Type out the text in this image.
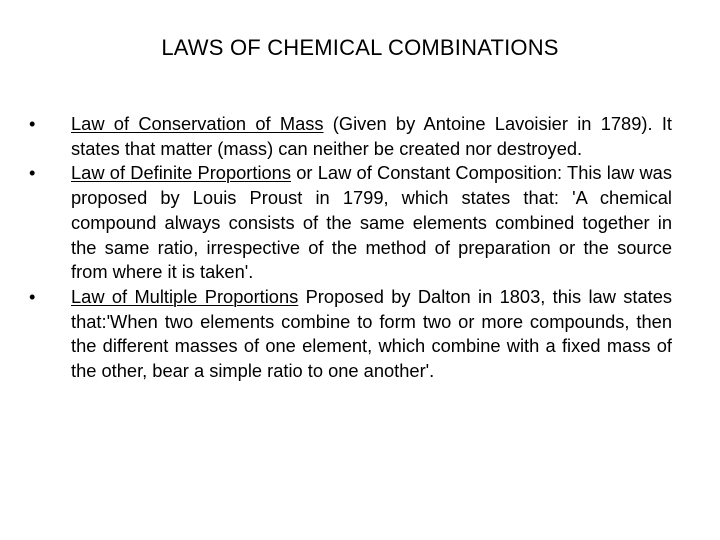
LAWS OF CHEMICAL COMBINATIONS
•	Law of Conservation of Mass (Given by Antoine Lavoisier in 1789). It states that matter (mass) can neither be created nor destroyed.
•	Law of Definite Proportions or Law of Constant Composition: This law was proposed by Louis Proust in 1799, which states that: 'A chemical compound always consists of the same elements combined together in the same ratio, irrespective of the method of preparation or the source from where it is taken'.
•	Law of Multiple Proportions Proposed by Dalton in 1803, this law states that:'When two elements combine to form two or more compounds, then the different masses of one element, which combine with a fixed mass of the other, bear a simple ratio to one another'.
